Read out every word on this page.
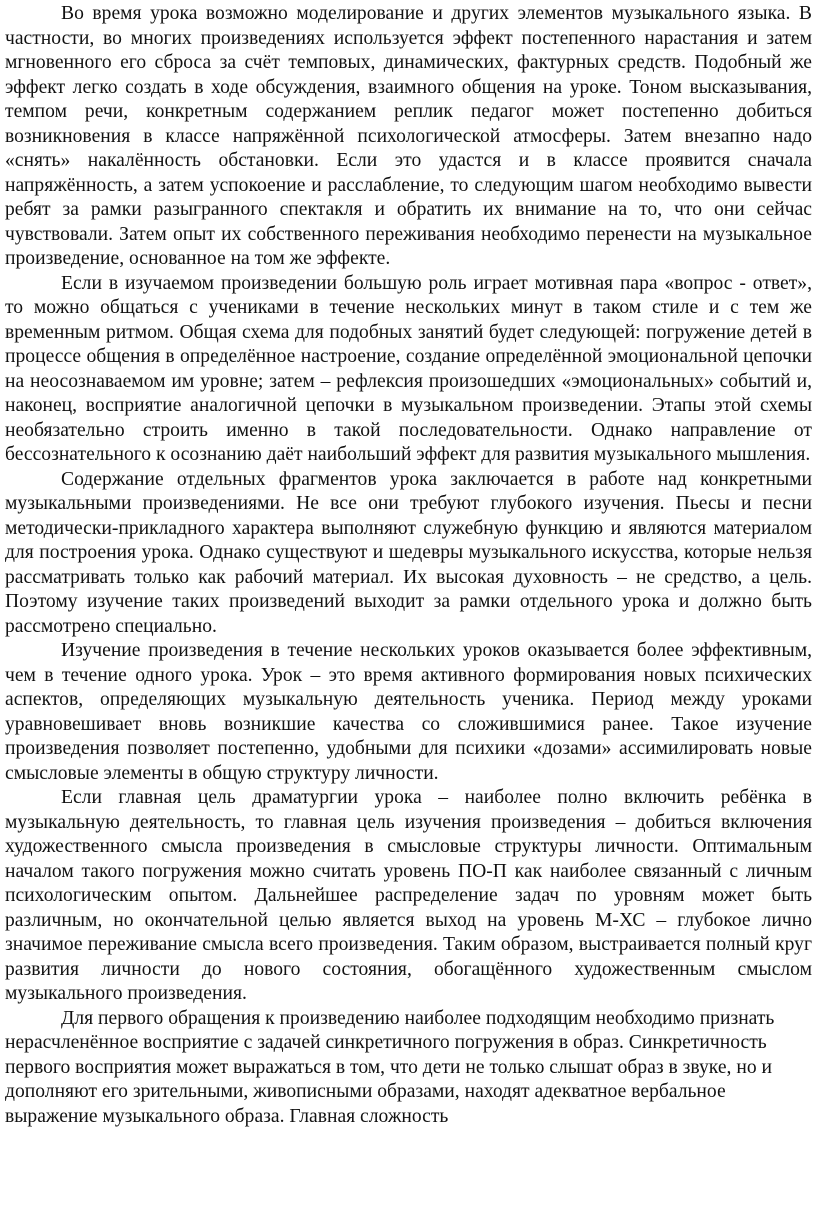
Во время урока возможно моделирование и других элементов музыкального языка. В частности, во многих произведениях используется эффект постепенного нарастания и затем мгновенного его сброса за счёт темповых, динамических, фактурных средств. Подобный же эффект легко создать в ходе обсуждения, взаимного общения на уроке. Тоном высказывания, темпом речи, конкретным содержанием реплик педагог может постепенно добиться возникновения в классе напряжённой психологической атмосферы. Затем внезапно надо «снять» накалённость обстановки. Если это удастся и в классе проявится сначала напряжённость, а затем успокоение и расслабление, то следующим шагом необходимо вывести ребят за рамки разыгранного спектакля и обратить их внимание на то, что они сейчас чувствовали. Затем опыт их собственного переживания необходимо перенести на музыкальное произведение, основанное на том же эффекте.

Если в изучаемом произведении большую роль играет мотивная пара «вопрос - ответ», то можно общаться с учениками в течение нескольких минут в таком стиле и с тем же временным ритмом. Общая схема для подобных занятий будет следующей: погружение детей в процессе общения в определённое настроение, создание определённой эмоциональной цепочки на неосознаваемом им уровне; затем – рефлексия произошедших «эмоциональных» событий и, наконец, восприятие аналогичной цепочки в музыкальном произведении. Этапы этой схемы необязательно строить именно в такой последовательности. Однако направление от бессознательного к осознанию даёт наибольший эффект для развития музыкального мышления.

Содержание отдельных фрагментов урока заключается в работе над конкретными музыкальными произведениями. Не все они требуют глубокого изучения. Пьесы и песни методически-прикладного характера выполняют служебную функцию и являются материалом для построения урока. Однако существуют и шедевры музыкального искусства, которые нельзя рассматривать только как рабочий материал. Их высокая духовность – не средство, а цель. Поэтому изучение таких произведений выходит за рамки отдельного урока и должно быть рассмотрено специально.

Изучение произведения в течение нескольких уроков оказывается более эффективным, чем в течение одного урока. Урок – это время активного формирования новых психических аспектов, определяющих музыкальную деятельность ученика. Период между уроками уравновешивает вновь возникшие качества со сложившимися ранее. Такое изучение произведения позволяет постепенно, удобными для психики «дозами» ассимилировать новые смысловые элементы в общую структуру личности.

Если главная цель драматургии урока – наиболее полно включить ребёнка в музыкальную деятельность, то главная цель изучения произведения – добиться включения художественного смысла произведения в смысловые структуры личности. Оптимальным началом такого погружения можно считать уровень ПО-П как наиболее связанный с личным психологическим опытом. Дальнейшее распределение задач по уровням может быть различным, но окончательной целью является выход на уровень М-ХС – глубокое лично значимое переживание смысла всего произведения. Таким образом, выстраивается полный круг развития личности до нового состояния, обогащённого художественным смыслом музыкального произведения.

Для первого обращения к произведению наиболее подходящим необходимо признать нерасчленённое восприятие с задачей синкретичного погружения в образ. Синкретичность первого восприятия может выражаться в том, что дети не только слышат образ в звуке, но и дополняют его зрительными, живописными образами, находят адекватное вербальное выражение музыкального образа. Главная сложность
